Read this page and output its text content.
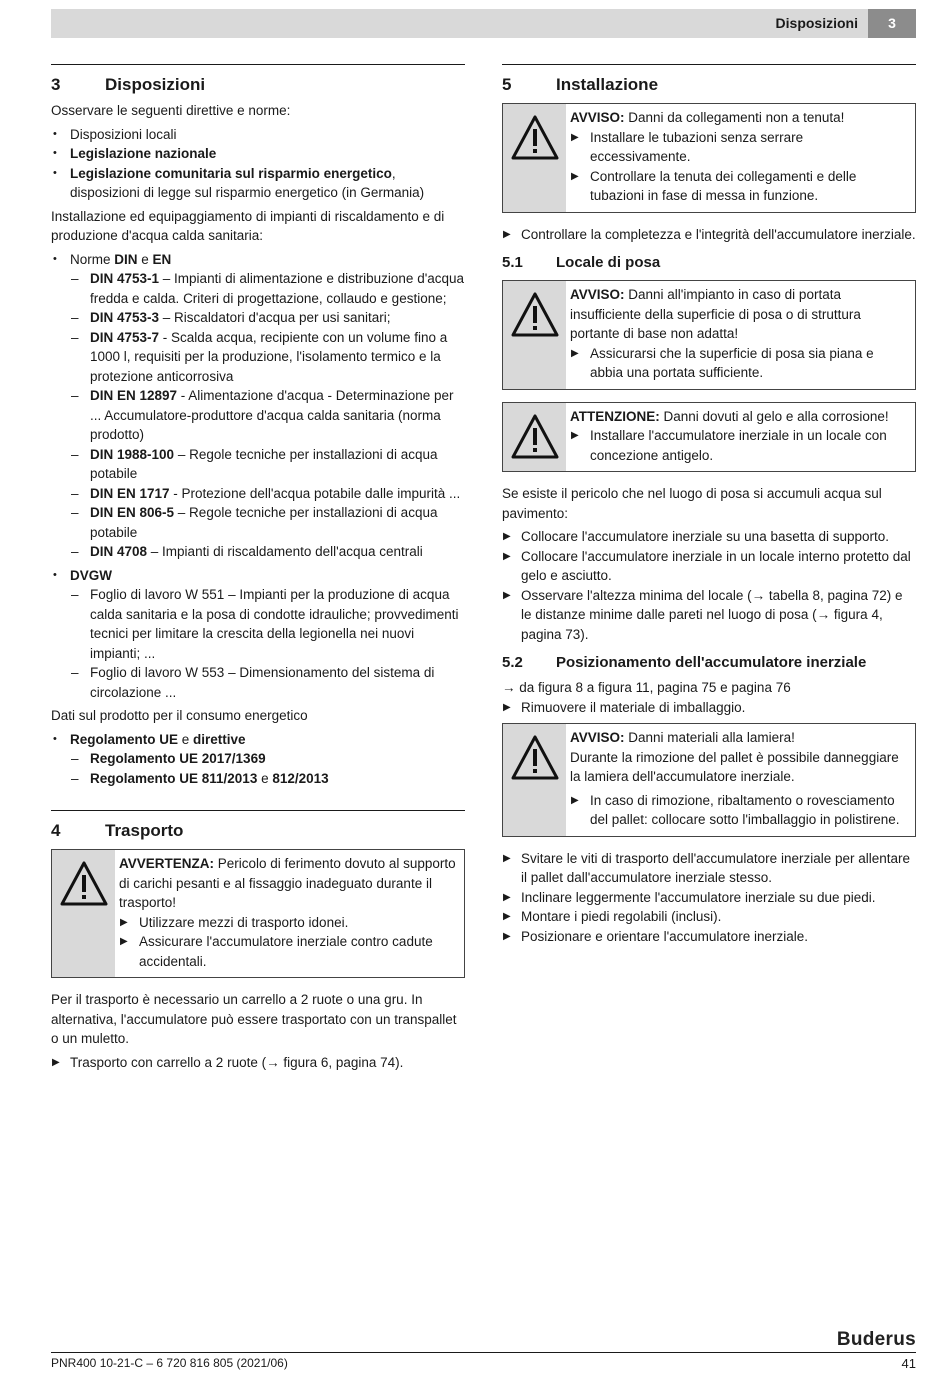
Disposizioni	3
3	Disposizioni

Osservare le seguenti direttive e norme:

• Disposizioni locali
• Legislazione nazionale
• Legislazione comunitaria sul risparmio energetico, disposizioni di legge sul risparmio energetico (in Germania)

Installazione ed equipaggiamento di impianti di riscaldamento e di produzione d'acqua calda sanitaria:

• Norme DIN e EN
– DIN 4753-1 – Impianti di alimentazione e distribuzione d'acqua fredda e calda. Criteri di progettazione, collaudo e gestione;
– DIN 4753-3 – Riscaldatori d'acqua per usi sanitari;
– DIN 4753-7 - Scalda acqua, recipiente con un volume fino a 1000 l, requisiti per la produzione, l'isolamento termico e la protezione anticorrosiva
– DIN EN 12897 - Alimentazione d'acqua - Determinazione per ... Accumulatore-produttore d'acqua calda sanitaria (norma prodotto)
– DIN 1988-100 – Regole tecniche per installazioni di acqua potabile
– DIN EN 1717 - Protezione dell'acqua potabile dalle impurità ...
– DIN EN 806-5 – Regole tecniche per installazioni di acqua potabile
– DIN 4708 – Impianti di riscaldamento dell'acqua centrali
• DVGW
– Foglio di lavoro W 551 – Impianti per la produzione di acqua calda sanitaria e la posa di condotte idrauliche; provvedimenti tecnici per limitare la crescita della legionella nei nuovi impianti; ...
– Foglio di lavoro W 553 – Dimensionamento del sistema di circolazione ...

Dati sul prodotto per il consumo energetico

• Regolamento UE e direttive
– Regolamento UE 2017/1369
– Regolamento UE 811/2013 e 812/2013
4	Trasporto
AVVERTENZA: Pericolo di ferimento dovuto al supporto di carichi pesanti e al fissaggio inadeguato durante il trasporto!
▶ Utilizzare mezzi di trasporto idonei.
▶ Assicurare l'accumulatore inerziale contro cadute accidentali.

Per il trasporto è necessario un carrello a 2 ruote o una gru. In alternativa, l'accumulatore può essere trasportato con un transpallet o un muletto.

▶ Trasporto con carrello a 2 ruote (→ figura 6, pagina 74).
5	Installazione
AVVISO: Danni da collegamenti non a tenuta!
▶ Installare le tubazioni senza serrare eccessivamente.
▶ Controllare la tenuta dei collegamenti e delle tubazioni in fase di messa in funzione.
▶ Controllare la completezza e l'integrità dell'accumulatore inerziale.
5.1	Locale di posa
AVVISO: Danni all'impianto in caso di portata insufficiente della superficie di posa o di struttura portante di base non adatta!
▶ Assicurarsi che la superficie di posa sia piana e abbia una portata sufficiente.
ATTENZIONE: Danni dovuti al gelo e alla corrosione!
▶ Installare l'accumulatore inerziale in un locale con concezione antigelo.

Se esiste il pericolo che nel luogo di posa si accumuli acqua sul pavimento:

▶ Collocare l'accumulatore inerziale su una basetta di supporto.
▶ Collocare l'accumulatore inerziale in un locale interno protetto dal gelo e asciutto.
▶ Osservare l'altezza minima del locale (→ tabella 8, pagina 72) e le distanze minime dalle pareti nel luogo di posa (→ figura 4, pagina 73).
5.2	Posizionamento dell'accumulatore inerziale

→ da figura 8 a figura 11, pagina 75 e pagina 76

▶ Rimuovere il materiale di imballaggio.
AVVISO: Danni materiali alla lamiera!
Durante la rimozione del pallet è possibile danneggiare la lamiera dell'accumulatore inerziale.
▶ In caso di rimozione, ribaltamento o rovesciamento del pallet: collocare sotto l'imballaggio in polistirene.
▶ Svitare le viti di trasporto dell'accumulatore inerziale per allentare il pallet dall'accumulatore inerziale stesso.
▶ Inclinare leggermente l'accumulatore inerziale su due piedi.
▶ Montare i piedi regolabili (inclusi).
▶ Posizionare e orientare l'accumulatore inerziale.
Buderus
PNR400 10-21-C – 6 720 816 805 (2021/06)	41
